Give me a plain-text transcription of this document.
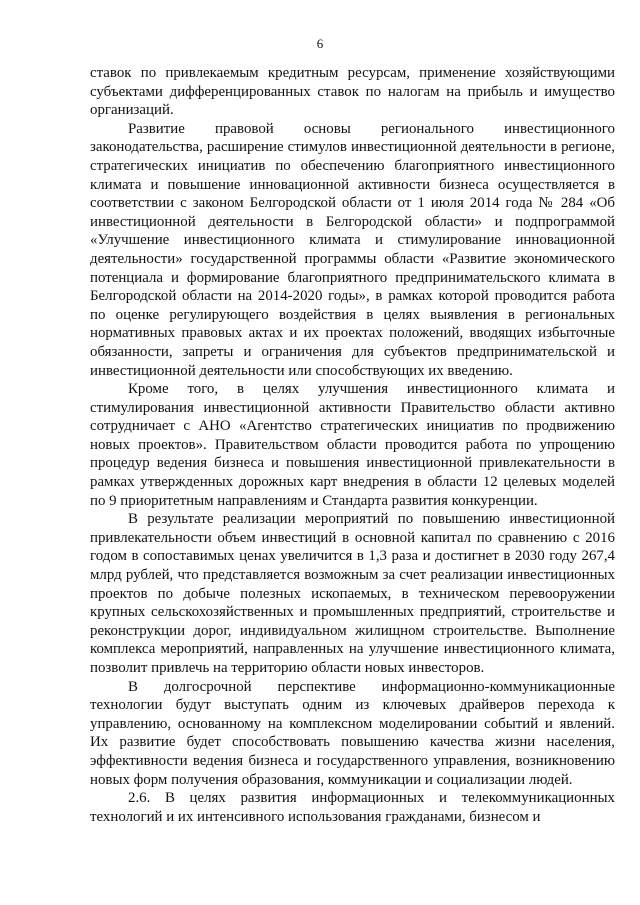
6

ставок по привлекаемым кредитным ресурсам, применение хозяйствующими субъектами дифференцированных ставок по налогам на прибыль и имущество организаций.

Развитие правовой основы регионального инвестиционного законодательства, расширение стимулов инвестиционной деятельности в регионе, стратегических инициатив по обеспечению благоприятного инвестиционного климата и повышение инновационной активности бизнеса осуществляется в соответствии с законом Белгородской области от 1 июля 2014 года № 284 «Об инвестиционной деятельности в Белгородской области» и подпрограммой «Улучшение инвестиционного климата и стимулирование инновационной деятельности» государственной программы области «Развитие экономического потенциала и формирование благоприятного предпринимательского климата в Белгородской области на 2014-2020 годы», в рамках которой проводится работа по оценке регулирующего воздействия в целях выявления в региональных нормативных правовых актах и их проектах положений, вводящих избыточные обязанности, запреты и ограничения для субъектов предпринимательской и инвестиционной деятельности или способствующих их введению.

Кроме того, в целях улучшения инвестиционного климата и стимулирования инвестиционной активности Правительство области активно сотрудничает с АНО «Агентство стратегических инициатив по продвижению новых проектов». Правительством области проводится работа по упрощению процедур ведения бизнеса и повышения инвестиционной привлекательности в рамках утвержденных дорожных карт внедрения в области 12 целевых моделей по 9 приоритетным направлениям и Стандарта развития конкуренции.

В результате реализации мероприятий по повышению инвестиционной привлекательности объем инвестиций в основной капитал по сравнению с 2016 годом в сопоставимых ценах увеличится в 1,3 раза и достигнет в 2030 году 267,4 млрд рублей, что представляется возможным за счет реализации инвестиционных проектов по добыче полезных ископаемых, в техническом перевооружении крупных сельскохозяйственных и промышленных предприятий, строительстве и реконструкции дорог, индивидуальном жилищном строительстве. Выполнение комплекса мероприятий, направленных на улучшение инвестиционного климата, позволит привлечь на территорию области новых инвесторов.

В долгосрочной перспективе информационно-коммуникационные технологии будут выступать одним из ключевых драйверов перехода к управлению, основанному на комплексном моделировании событий и явлений. Их развитие будет способствовать повышению качества жизни населения, эффективности ведения бизнеса и государственного управления, возникновению новых форм получения образования, коммуникации и социализации людей.

2.6. В целях развития информационных и телекоммуникационных технологий и их интенсивного использования гражданами, бизнесом и
